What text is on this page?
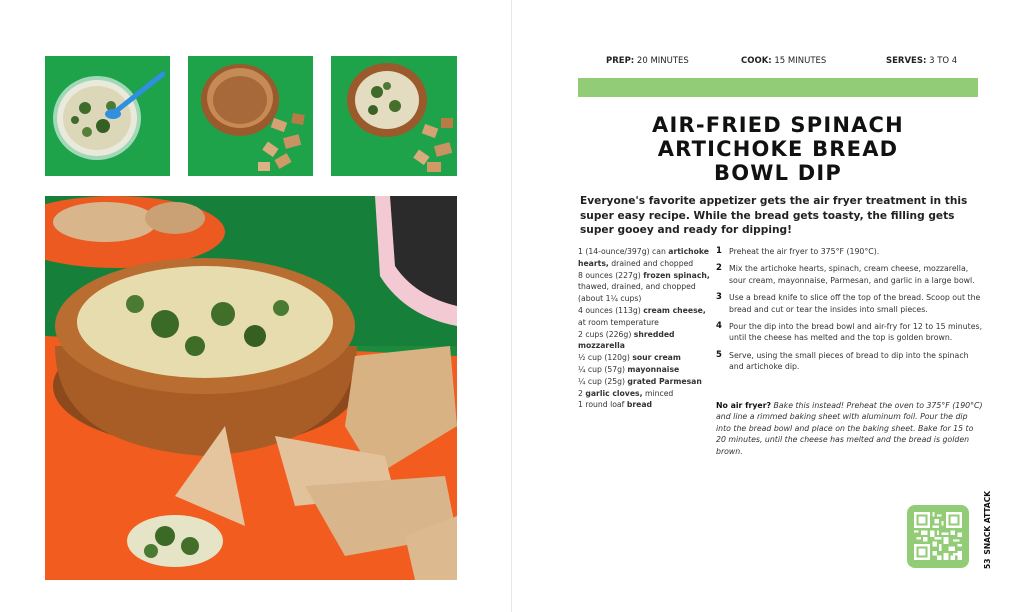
PREP: 20 MINUTES	COOK: 15 MINUTES	SERVES: 3 TO 4
AIR-FRIED SPINACH
ARTICHOKE BREAD
BOWL DIP

Everyone's favorite appetizer gets the air fryer treatment in this super easy recipe. While the bread gets toasty, the filling gets super gooey and ready for dipping!

1 (14-ounce/397g) can artichoke hearts, drained and chopped
8 ounces (227g) frozen spinach, thawed, drained, and chopped (about 1¼ cups)
4 ounces (113g) cream cheese, at room temperature
2 cups (226g) shredded mozzarella
½ cup (120g) sour cream
¼ cup (57g) mayonnaise
¼ cup (25g) grated Parmesan
2 garlic cloves, minced
1 round loaf bread
1 Preheat the air fryer to 375°F (190°C).
2 Mix the artichoke hearts, spinach, cream cheese, mozzarella, sour cream, mayonnaise, Parmesan, and garlic in a large bowl.
3 Use a bread knife to slice off the top of the bread. Scoop out the bread and cut or tear the insides into small pieces.
4 Pour the dip into the bread bowl and air-fry for 12 to 15 minutes, until the cheese has melted and the top is golden brown.
5 Serve, using the small pieces of bread to dip into the spinach and artichoke dip.

No air fryer? Bake this instead! Preheat the oven to 375°F (190°C) and line a rimmed baking sheet with aluminum foil. Pour the dip into the bread bowl and place on the baking sheet. Bake for 15 to 20 minutes, until the cheese has melted and the bread is golden brown.

53SNACK ATTACK
